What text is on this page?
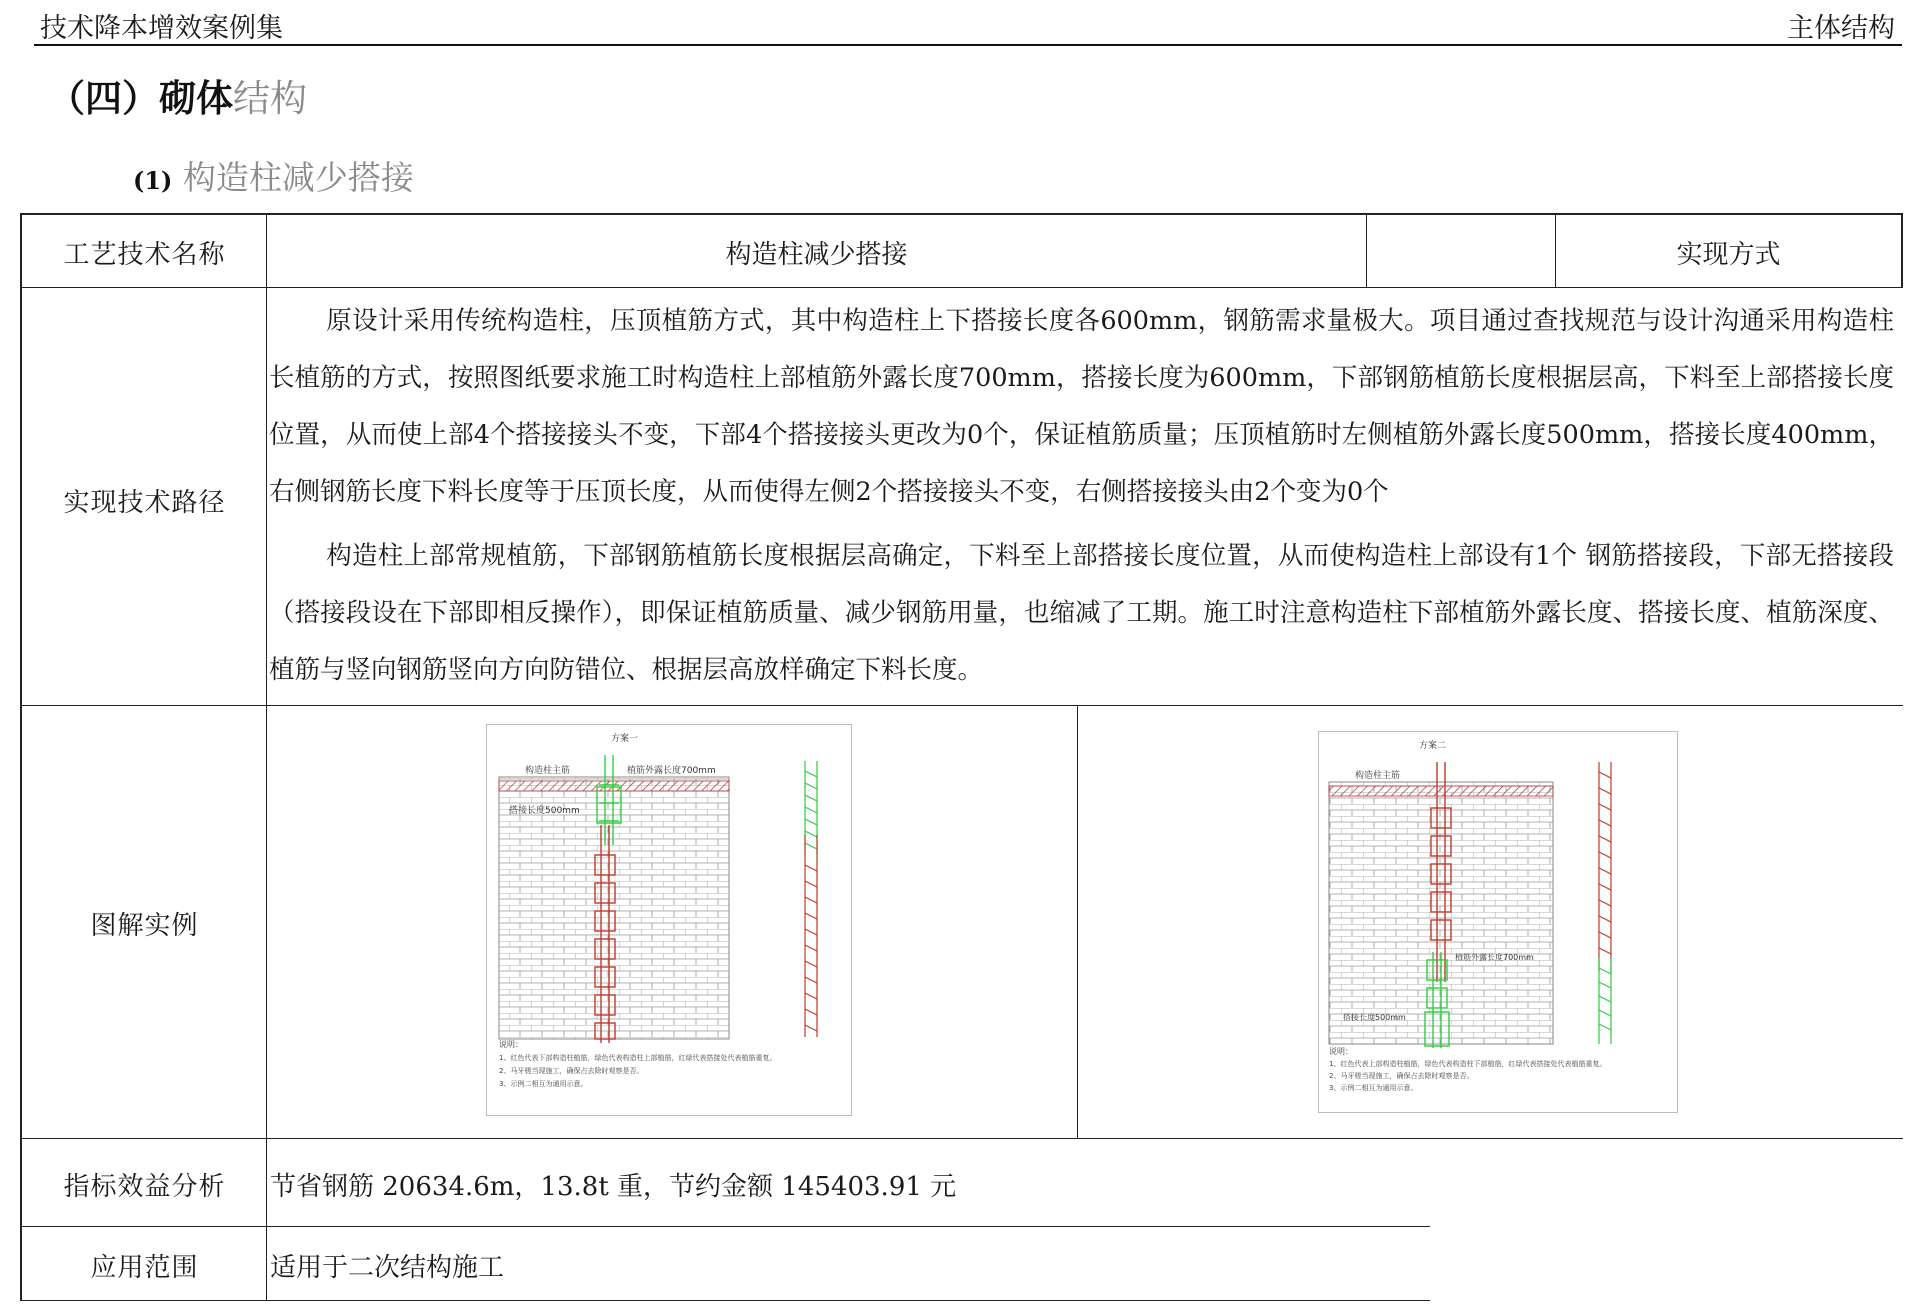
技术降本增效案例集	主体结构
（四）砌体结构
(1) 构造柱减少搭接
工艺技术名称	构造柱减少搭接	实现方式
实现技术路径
原设计采用传统构造柱，压顶植筋方式，其中构造柱上下搭接长度各600mm，钢筋需求量极大。项目通过查找规范与设计沟通采用构造柱长植筋的方式，按照图纸要求施工时构造柱上部植筋外露长度700mm，搭接长度为600mm，下部钢筋植筋长度根据层高，下料至上部搭接长度位置，从而使上部4个搭接接头不变，下部4个搭接接头更改为0个，保证植筋质量；压顶植筋时左侧植筋外露长度500mm，搭接长度400mm，右侧钢筋长度下料长度等于压顶长度，从而使得左侧2个搭接接头不变，右侧搭接接头由2个变为0个
构造柱上部常规植筋，下部钢筋植筋长度根据层高确定，下料至上部搭接长度位置，从而使构造柱上部设有1个 钢筋搭接段，下部无搭接段（搭接段设在下部即相反操作），即保证植筋质量、减少钢筋用量，也缩减了工期。施工时注意构造柱下部植筋外露长度、搭接长度、植筋深度、植筋与竖向钢筋竖向方向防错位、根据层高放样确定下料长度。
图解实例
方案一
构造柱主筋	植筋外露长度700mm
搭接长度500mm
说明：
1、红色代表下部构造柱植筋，绿色代表构造柱上部植筋，红绿代表搭接处代表植筋重复。
2、马牙槎当现施工，确保占去除时观察是否。
3、示例二相互为通用示意。
方案二
构造柱主筋
植筋外露长度700mm
搭接长度500mm
说明：
1、红色代表上部构造柱植筋，绿色代表构造柱下部植筋，红绿代表搭接处代表植筋重复。
2、马牙槎当现施工，确保占去除时观察是否。
3、示例二相互为通用示意。
指标效益分析	节省钢筋 20634.6m，13.8t 重，节约金额 145403.91 元
应用范围	适用于二次结构施工
